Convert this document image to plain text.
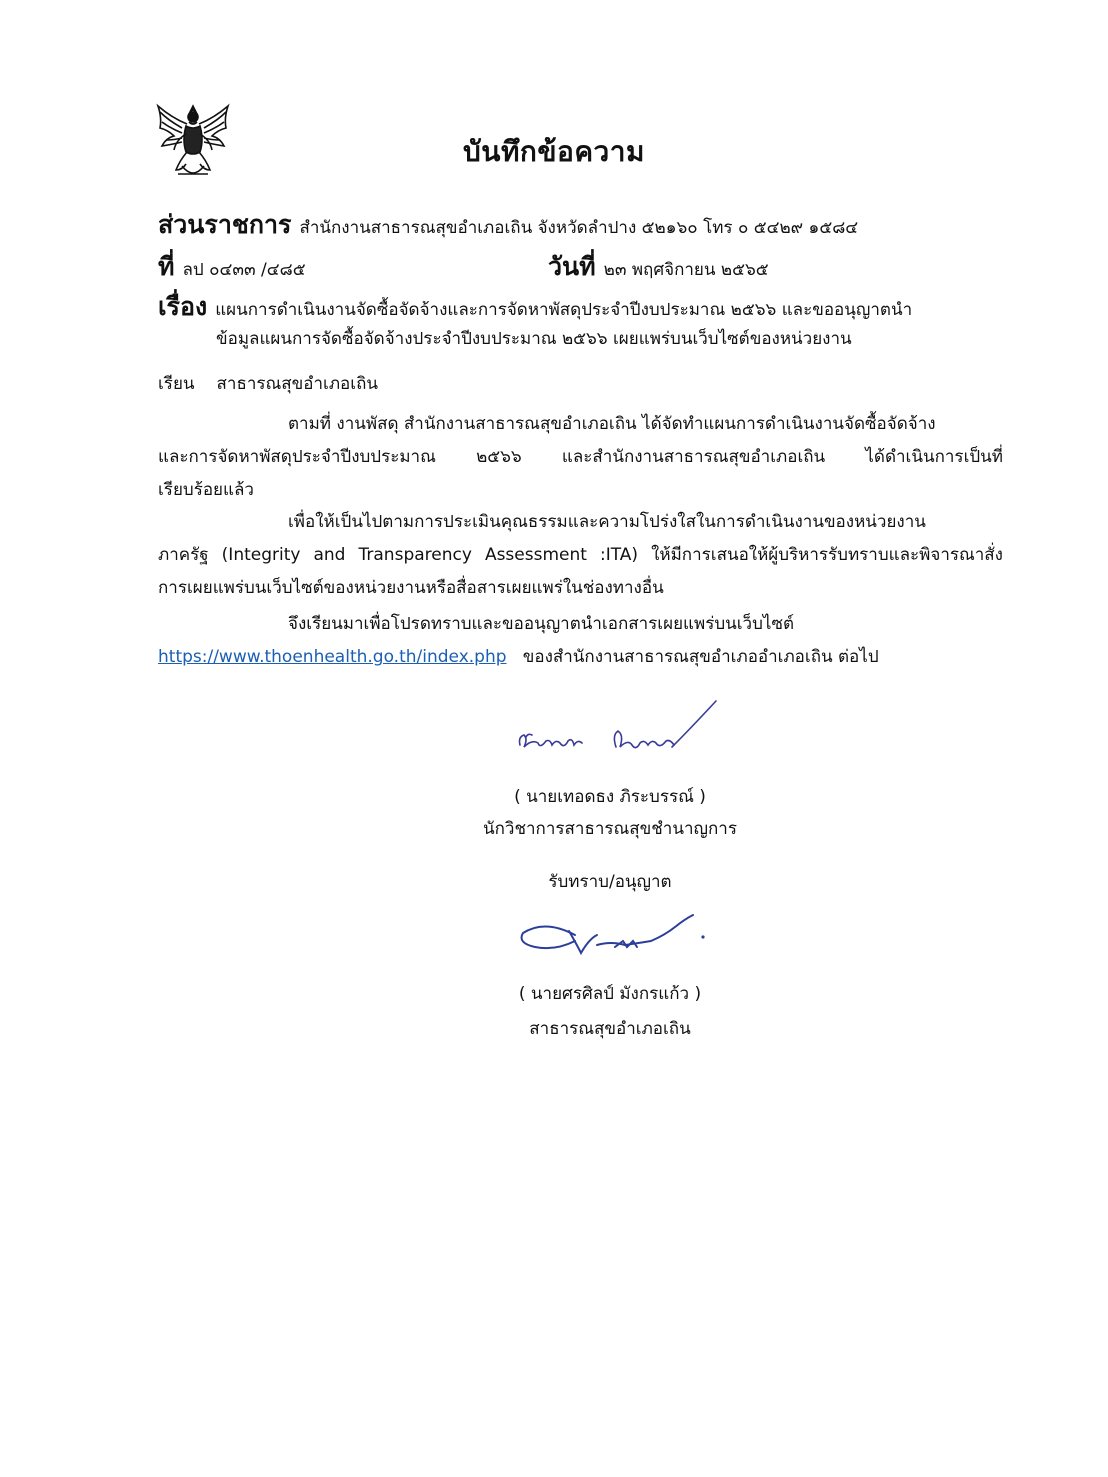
บันทึกข้อความ
ส่วนราชการ สำนักงานสาธารณสุขอำเภอเถิน จังหวัดลำปาง ๕๒๑๖๐ โทร ๐ ๕๔๒๙ ๑๕๘๔
ที่ ลป ๐๔๓๓ /๔๘๕	วันที่ ๒๓ พฤศจิกายน ๒๕๖๕
เรื่อง แผนการดำเนินงานจัดซื้อจัดจ้างและการจัดหาพัสดุประจำปีงบประมาณ ๒๕๖๖ และขออนุญาตนำ
ข้อมูลแผนการจัดซื้อจัดจ้างประจำปีงบประมาณ ๒๕๖๖ เผยแพร่บนเว็บไซต์ของหน่วยงาน
เรียน สาธารณสุขอำเภอเถิน
ตามที่ งานพัสดุ สำนักงานสาธารณสุขอำเภอเถิน ได้จัดทำแผนการดำเนินงานจัดซื้อจัดจ้าง
และการจัดหาพัสดุประจำปีงบประมาณ ๒๕๖๖ และสำนักงานสาธารณสุขอำเภอเถิน ได้ดำเนินการเป็นที่
เรียบร้อยแล้ว
เพื่อให้เป็นไปตามการประเมินคุณธรรมและความโปร่งใสในการดำเนินงานของหน่วยงาน
ภาครัฐ (Integrity and Transparency Assessment :ITA) ให้มีการเสนอให้ผู้บริหารรับทราบและพิจารณาสั่ง
การเผยแพร่บนเว็บไซต์ของหน่วยงานหรือสื่อสารเผยแพร่ในช่องทางอื่น
จึงเรียนมาเพื่อโปรดทราบและขออนุญาตนำเอกสารเผยแพร่บนเว็บไซต์
https://www.thoenhealth.go.th/index.php ของสำนักงานสาธารณสุขอำเภออำเภอเถิน ต่อไป
( นายเทอดธง ภิระบรรณ์ )
นักวิชาการสาธารณสุขชำนาญการ
รับทราบ/อนุญาต
( นายศรศิลป์ มังกรแก้ว )
สาธารณสุขอำเภอเถิน
